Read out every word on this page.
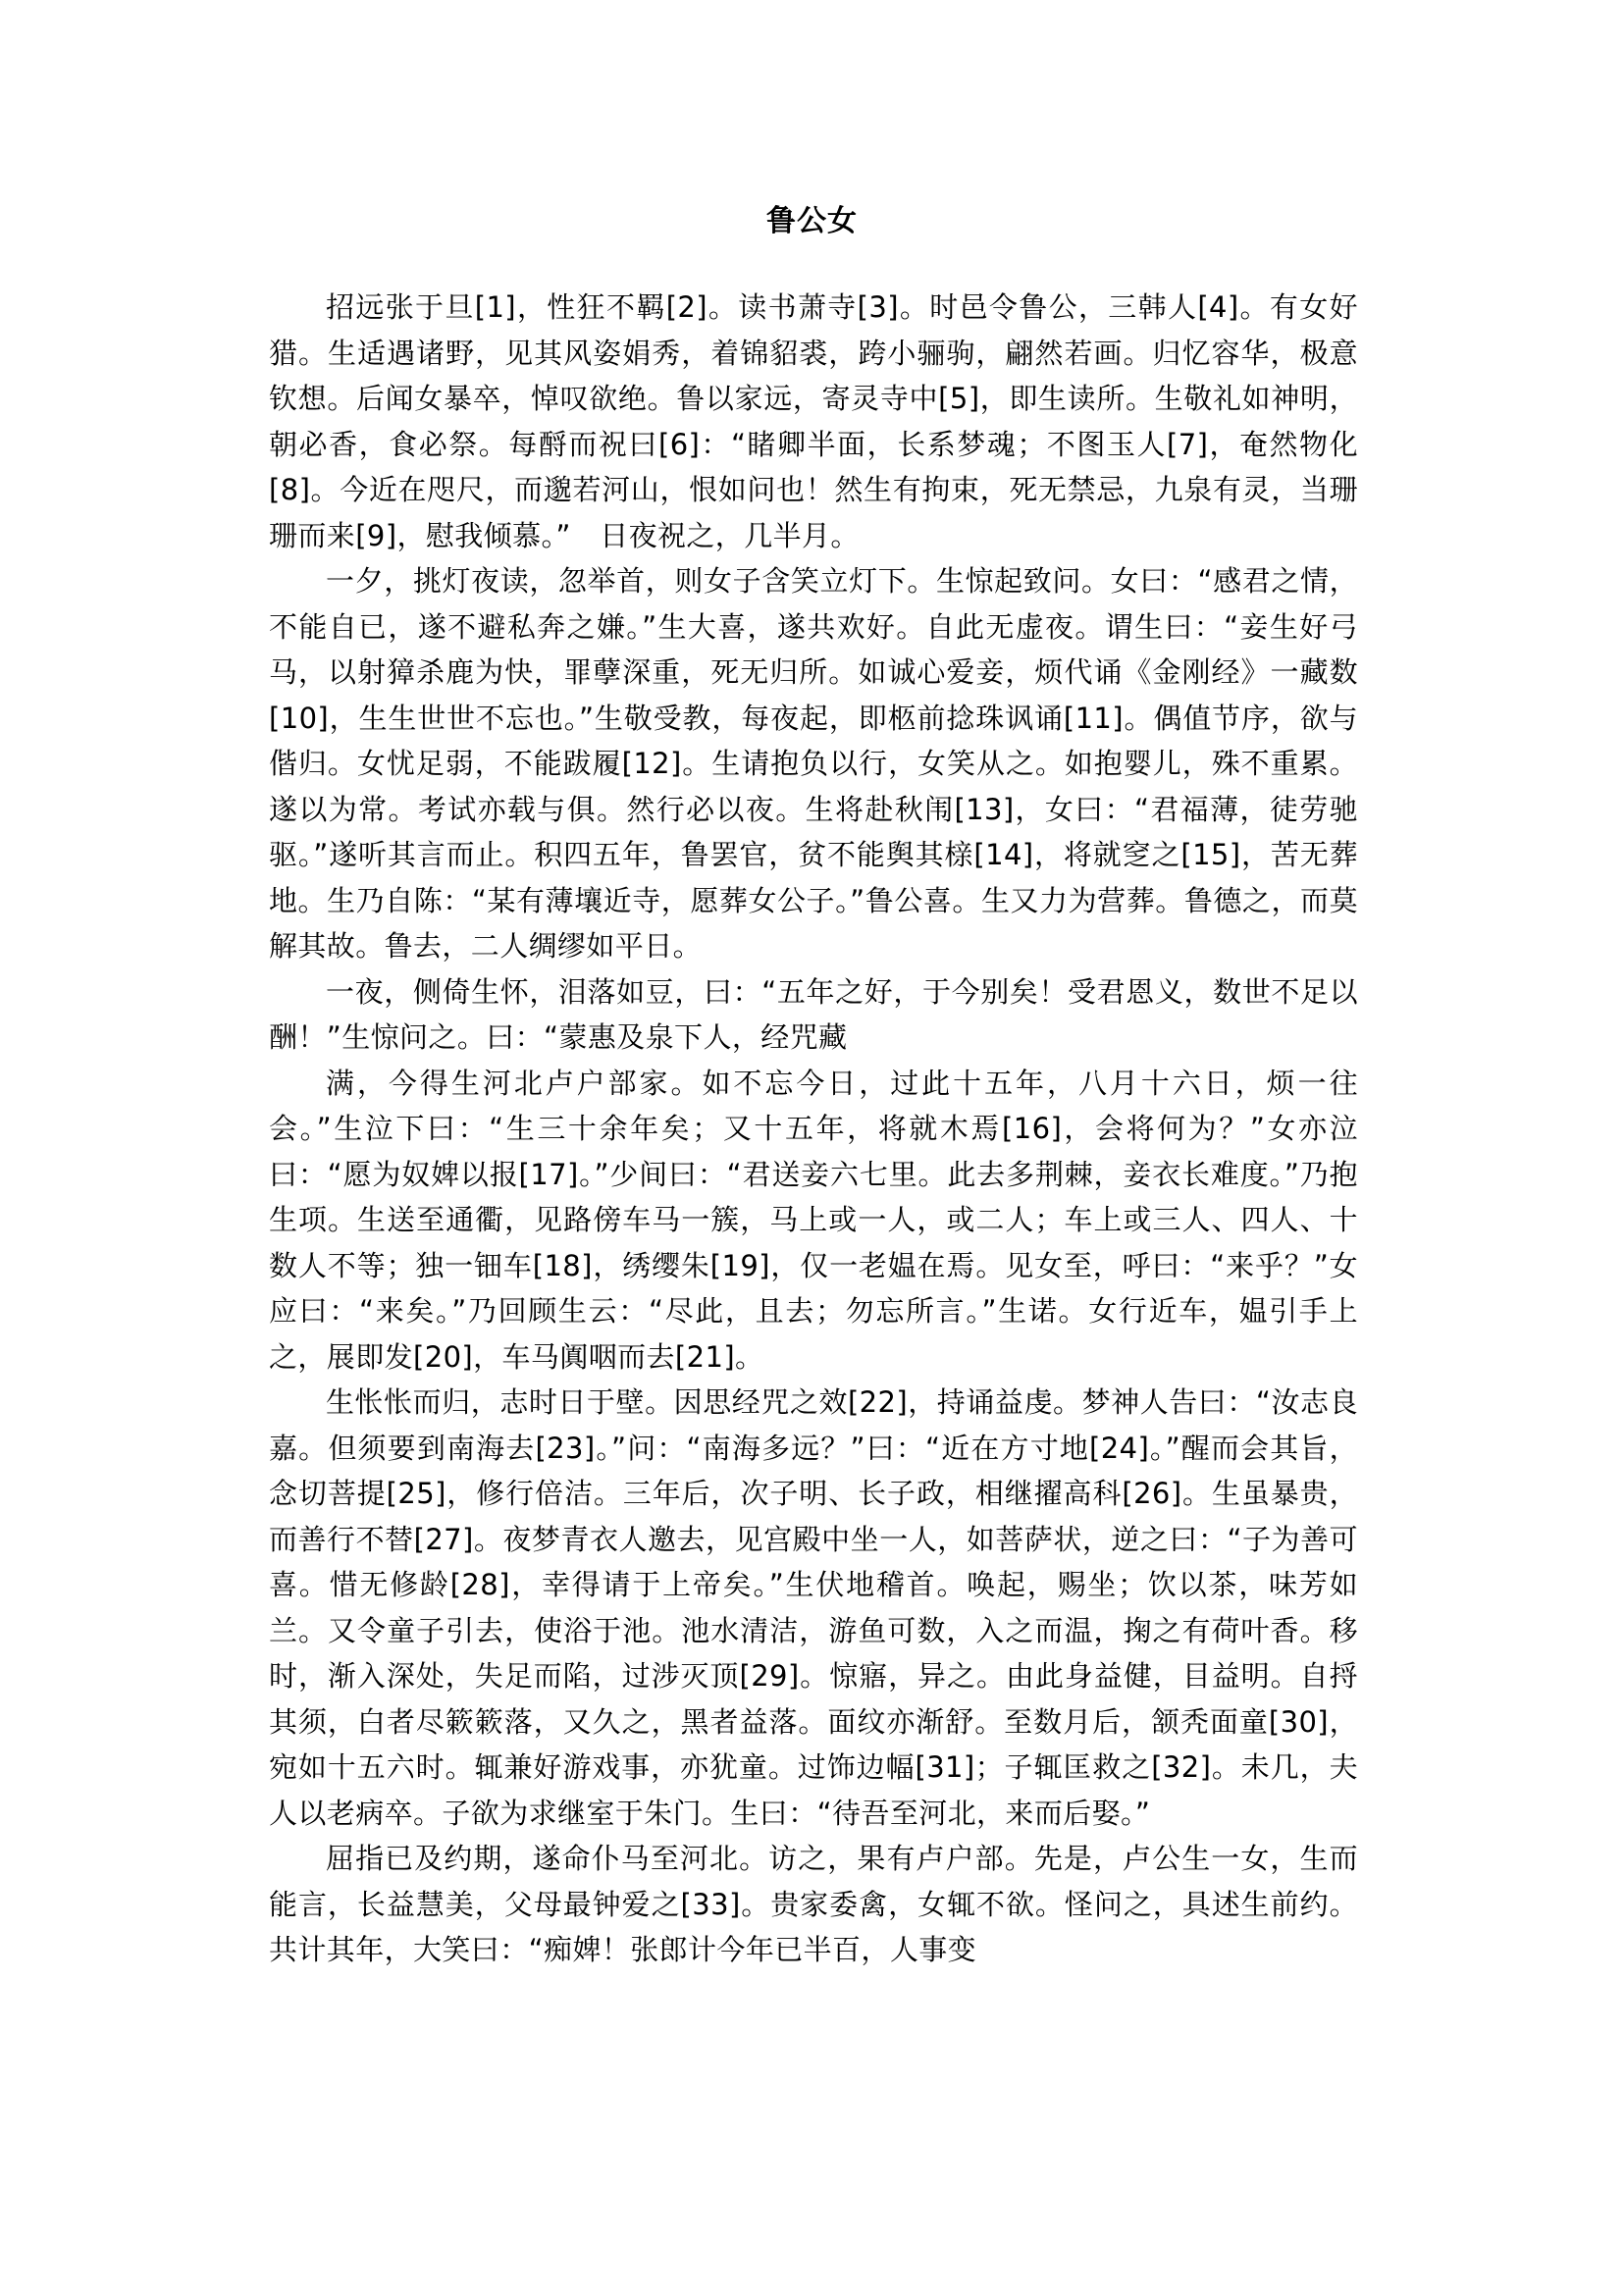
鲁公女

招远张于旦[1]，性狂不羁[2]。读书萧寺[3]。时邑令鲁公，三韩人[4]。有女好猎。生适遇诸野，见其风姿娟秀，着锦貂裘，跨小骊驹，翩然若画。归忆容华，极意钦想。后闻女暴卒，悼叹欲绝。鲁以家远，寄灵寺中[5]，即生读所。生敬礼如神明，朝必香，食必祭。每酹而祝曰[6]：“睹卿半面，长系梦魂；不图玉人[7]，奄然物化[8]。今近在咫尺，而邈若河山，恨如问也！然生有拘束，死无禁忌，九泉有灵，当珊珊而来[9]，慰我倾慕。”　日夜祝之，几半月。

一夕，挑灯夜读，忽举首，则女子含笑立灯下。生惊起致问。女曰：“感君之情，不能自已，遂不避私奔之嫌。”生大喜，遂共欢好。自此无虚夜。谓生曰：“妾生好弓马，以射獐杀鹿为快，罪孽深重，死无归所。如诚心爱妾，烦代诵《金刚经》一藏数[10]，生生世世不忘也。”生敬受教，每夜起，即柩前捻珠讽诵[11]。偶值节序，欲与偕归。女忧足弱，不能跋履[12]。生请抱负以行，女笑从之。如抱婴儿，殊不重累。遂以为常。考试亦载与俱。然行必以夜。生将赴秋闱[13]，女曰：“君福薄，徒劳驰驱。”遂听其言而止。积四五年，鲁罢官，贫不能舆其榇[14]，将就窆之[15]，苦无葬地。生乃自陈：“某有薄壤近寺，愿葬女公子。”鲁公喜。生又力为营葬。鲁德之，而莫解其故。鲁去，二人绸缪如平日。

一夜，侧倚生怀，泪落如豆，曰：“五年之好，于今别矣！受君恩义，数世不足以酬！”生惊问之。曰：“蒙惠及泉下人，经咒藏

满，今得生河北卢户部家。如不忘今日，过此十五年，八月十六日，烦一往会。”生泣下曰：“生三十余年矣；又十五年，将就木焉[16]，会将何为？”女亦泣曰：“愿为奴婢以报[17]。”少间曰：“君送妾六七里。此去多荆棘，妾衣长难度。”乃抱生项。生送至通衢，见路傍车马一簇，马上或一人，或二人；车上或三人、四人、十数人不等；独一钿车[18]，绣缨朱[19]，仅一老媪在焉。见女至，呼曰：“来乎？”女应曰：“来矣。”乃回顾生云：“尽此，且去；勿忘所言。”生诺。女行近车，媪引手上之，展即发[20]，车马阗咽而去[21]。

生怅怅而归，志时日于壁。因思经咒之效[22]，持诵益虔。梦神人告曰：“汝志良嘉。但须要到南海去[23]。”问：“南海多远？”曰：“近在方寸地[24]。”醒而会其旨，念切菩提[25]，修行倍洁。三年后，次子明、长子政，相继擢高科[26]。生虽暴贵，而善行不替[27]。夜梦青衣人邀去，见宫殿中坐一人，如菩萨状，逆之曰：“子为善可喜。惜无修龄[28]，幸得请于上帝矣。”生伏地稽首。唤起，赐坐；饮以茶，味芳如兰。又令童子引去，使浴于池。池水清洁，游鱼可数，入之而温，掬之有荷叶香。移时，渐入深处，失足而陷，过涉灭顶[29]。惊寤，异之。由此身益健，目益明。自捋其须，白者尽簌簌落，又久之，黑者益落。面纹亦渐舒。至数月后，颔秃面童[30]，宛如十五六时。辄兼好游戏事，亦犹童。过饰边幅[31]；子辄匡救之[32]。未几，夫人以老病卒。子欲为求继室于朱门。生曰：“待吾至河北，来而后娶。”

屈指已及约期，遂命仆马至河北。访之，果有卢户部。先是，卢公生一女，生而能言，长益慧美，父母最钟爱之[33]。贵家委禽，女辄不欲。怪问之，具述生前约。共计其年，大笑曰：“痴婢！张郎计今年已半百，人事变
